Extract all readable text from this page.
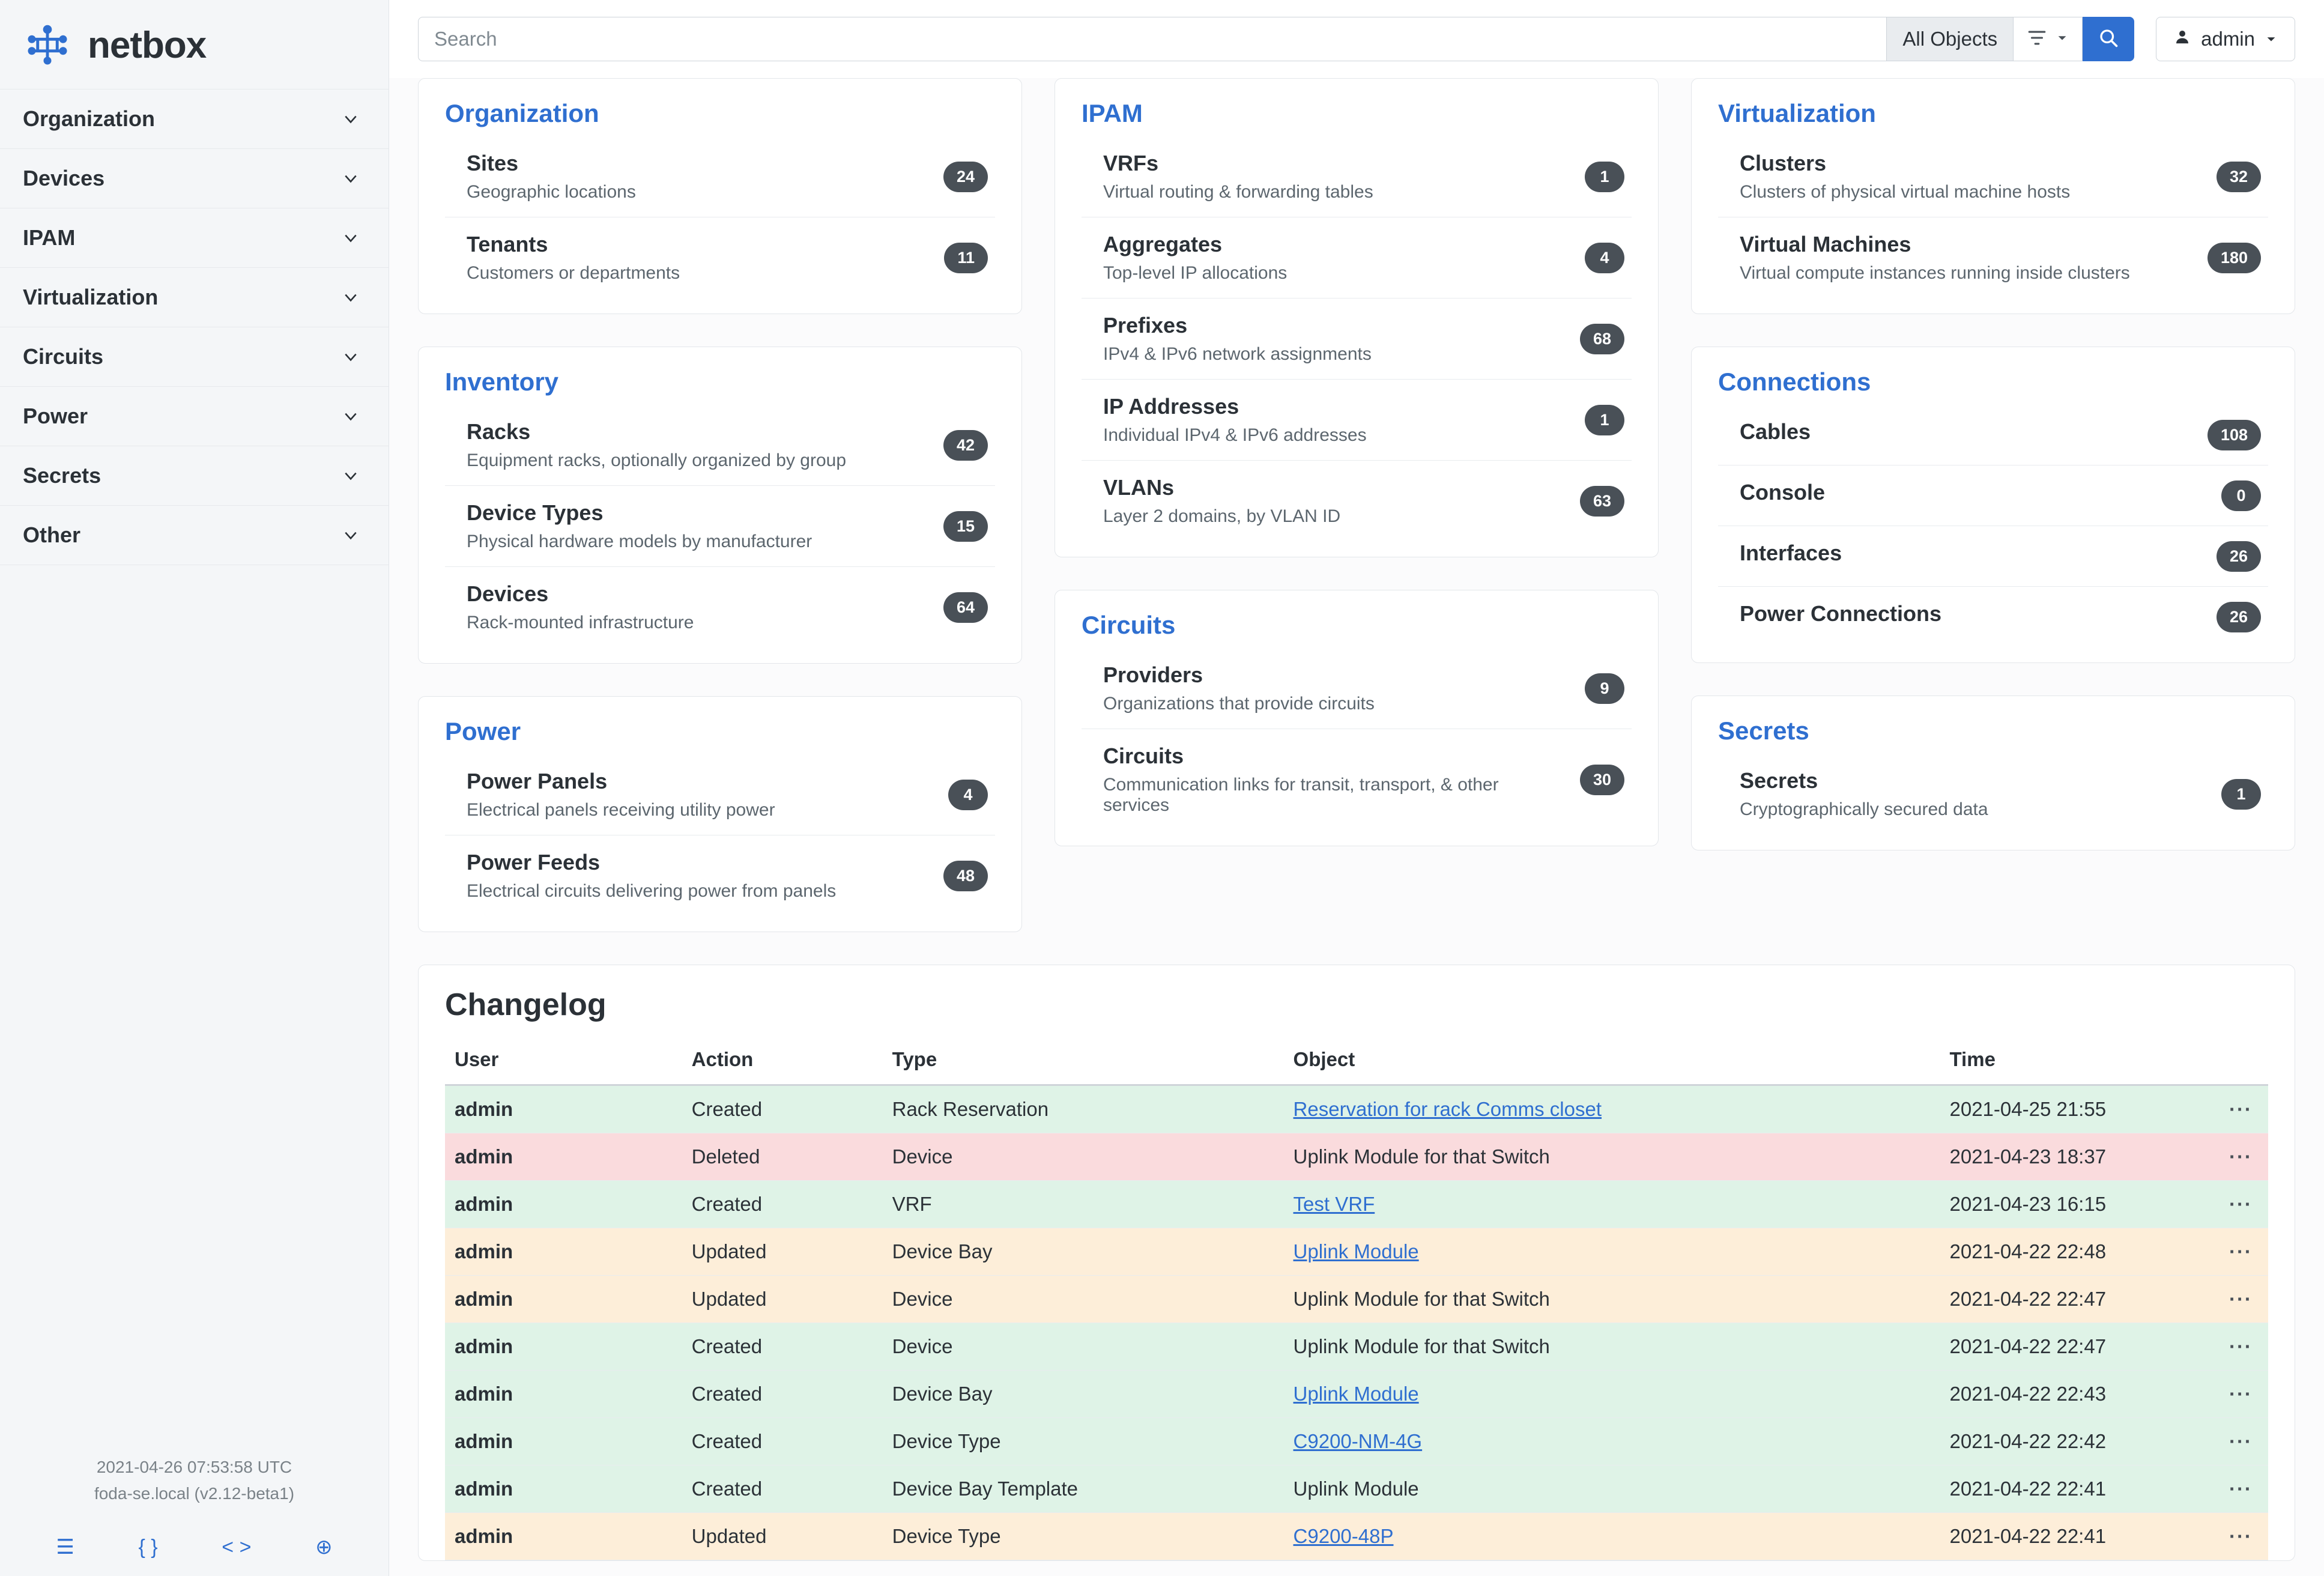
netbox
Organization
Devices
IPAM
Virtualization
Circuits
Power
Secrets
Other
2021-04-26 07:53:58 UTC
foda-se.local (v2.12-beta1)
☰	{ }	< >	⊕
Search
All Objects	admin
Organization
Sites
Geographic locations
24
Tenants
Customers or departments
11
Inventory
Racks
Equipment racks, optionally organized by group
42
Device Types
Physical hardware models by manufacturer
15
Devices
Rack-mounted infrastructure
64
Power
Power Panels
Electrical panels receiving utility power
4
Power Feeds
Electrical circuits delivering power from panels
48
IPAM
VRFs
Virtual routing & forwarding tables
1
Aggregates
Top-level IP allocations
4
Prefixes
IPv4 & IPv6 network assignments
68
IP Addresses
Individual IPv4 & IPv6 addresses
1
VLANs
Layer 2 domains, by VLAN ID
63
Circuits
Providers
Organizations that provide circuits
9
Circuits
Communication links for transit, transport, & other services
30
Virtualization
Clusters
Clusters of physical virtual machine hosts
32
Virtual Machines
Virtual compute instances running inside clusters
180
Connections
Cables	108
Console	0
Interfaces	26
Power Connections	26
Secrets
Secrets
Cryptographically secured data
1
Changelog
User	Action	Type	Object	Time	
admin	Created	Rack Reservation	Reservation for rack Comms closet	2021-04-25 21:55	···
admin	Deleted	Device	Uplink Module for that Switch	2021-04-23 18:37	···
admin	Created	VRF	Test VRF	2021-04-23 16:15	···
admin	Updated	Device Bay	Uplink Module	2021-04-22 22:48	···
admin	Updated	Device	Uplink Module for that Switch	2021-04-22 22:47	···
admin	Created	Device	Uplink Module for that Switch	2021-04-22 22:47	···
admin	Created	Device Bay	Uplink Module	2021-04-22 22:43	···
admin	Created	Device Type	C9200-NM-4G	2021-04-22 22:42	···
admin	Created	Device Bay Template	Uplink Module	2021-04-22 22:41	···
admin	Updated	Device Type	C9200-48P	2021-04-22 22:41	···
